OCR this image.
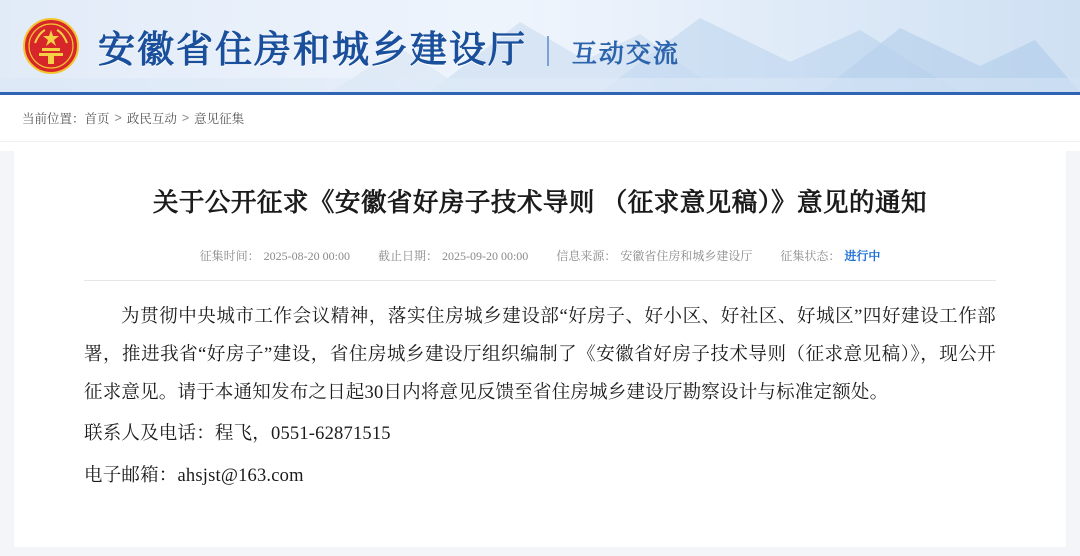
安徽省住房和城乡建设厅 互动交流
当前位置： 首页 > 政民互动 > 意见征集
关于公开征求《安徽省好房子技术导则 （征求意见稿）》意见的通知
征集时间： 2025-08-20 00:00 截止日期： 2025-09-20 00:00 信息来源： 安徽省住房和城乡建设厅 征集状态： 进行中

为贯彻中央城市工作会议精神，落实住房城乡建设部“好房子、好小区、好社区、好城区”四好建设工作部署，推进我省“好房子”建设，省住房城乡建设厅组织编制了《安徽省好房子技术导则（征求意见稿）》，现公开征求意见。请于本通知发布之日起30日内将意见反馈至省住房城乡建设厅勘察设计与标准定额处。

联系人及电话：程飞，0551-62871515

电子邮箱：ahsjst@163.com
